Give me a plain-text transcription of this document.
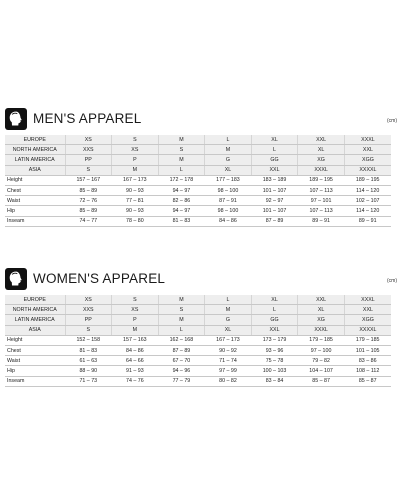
MEN'S APPAREL	(cm)
EUROPE	XS	S	M	L	XL	XXL	XXXL
NORTH AMERICA	XXS	XS	S	M	L	XL	XXL
LATIN AMERICA	PP	P	M	G	GG	XG	XGG
ASIA	S	M	L	XL	XXL	XXXL	XXXXL
Height	157 – 167	167 – 173	172 – 178	177 – 183	183 – 189	189 – 195	189 – 195
Chest	85 – 89	90 – 93	94 – 97	98 – 100	101 – 107	107 – 113	114 – 120
Waist	72 – 76	77 – 81	82 – 86	87 – 91	92 – 97	97 – 101	102 – 107
Hip	85 – 89	90 – 93	94 – 97	98 – 100	101 – 107	107 – 113	114 – 120
Inseam	74 – 77	78 – 80	81 – 83	84 – 86	87 – 89	89 – 91	89 – 91
WOMEN'S APPAREL	(cm)
EUROPE	XS	S	M	L	XL	XXL	XXXL
NORTH AMERICA	XXS	XS	S	M	L	XL	XXL
LATIN AMERICA	PP	P	M	G	GG	XG	XGG
ASIA	S	M	L	XL	XXL	XXXL	XXXXL
Height	152 – 158	157 – 163	162 – 168	167 – 173	173 – 179	179 – 185	179 – 185
Chest	81 – 83	84 – 86	87 – 89	90 – 92	93 – 96	97 – 100	101 – 105
Waist	61 – 63	64 – 66	67 – 70	71 – 74	75 – 78	79 – 82	83 – 86
Hip	88 – 90	91 – 93	94 – 96	97 – 99	100 – 103	104 – 107	108 – 112
Inseam	71 – 73	74 – 76	77 – 79	80 – 82	83 – 84	85 – 87	85 – 87
